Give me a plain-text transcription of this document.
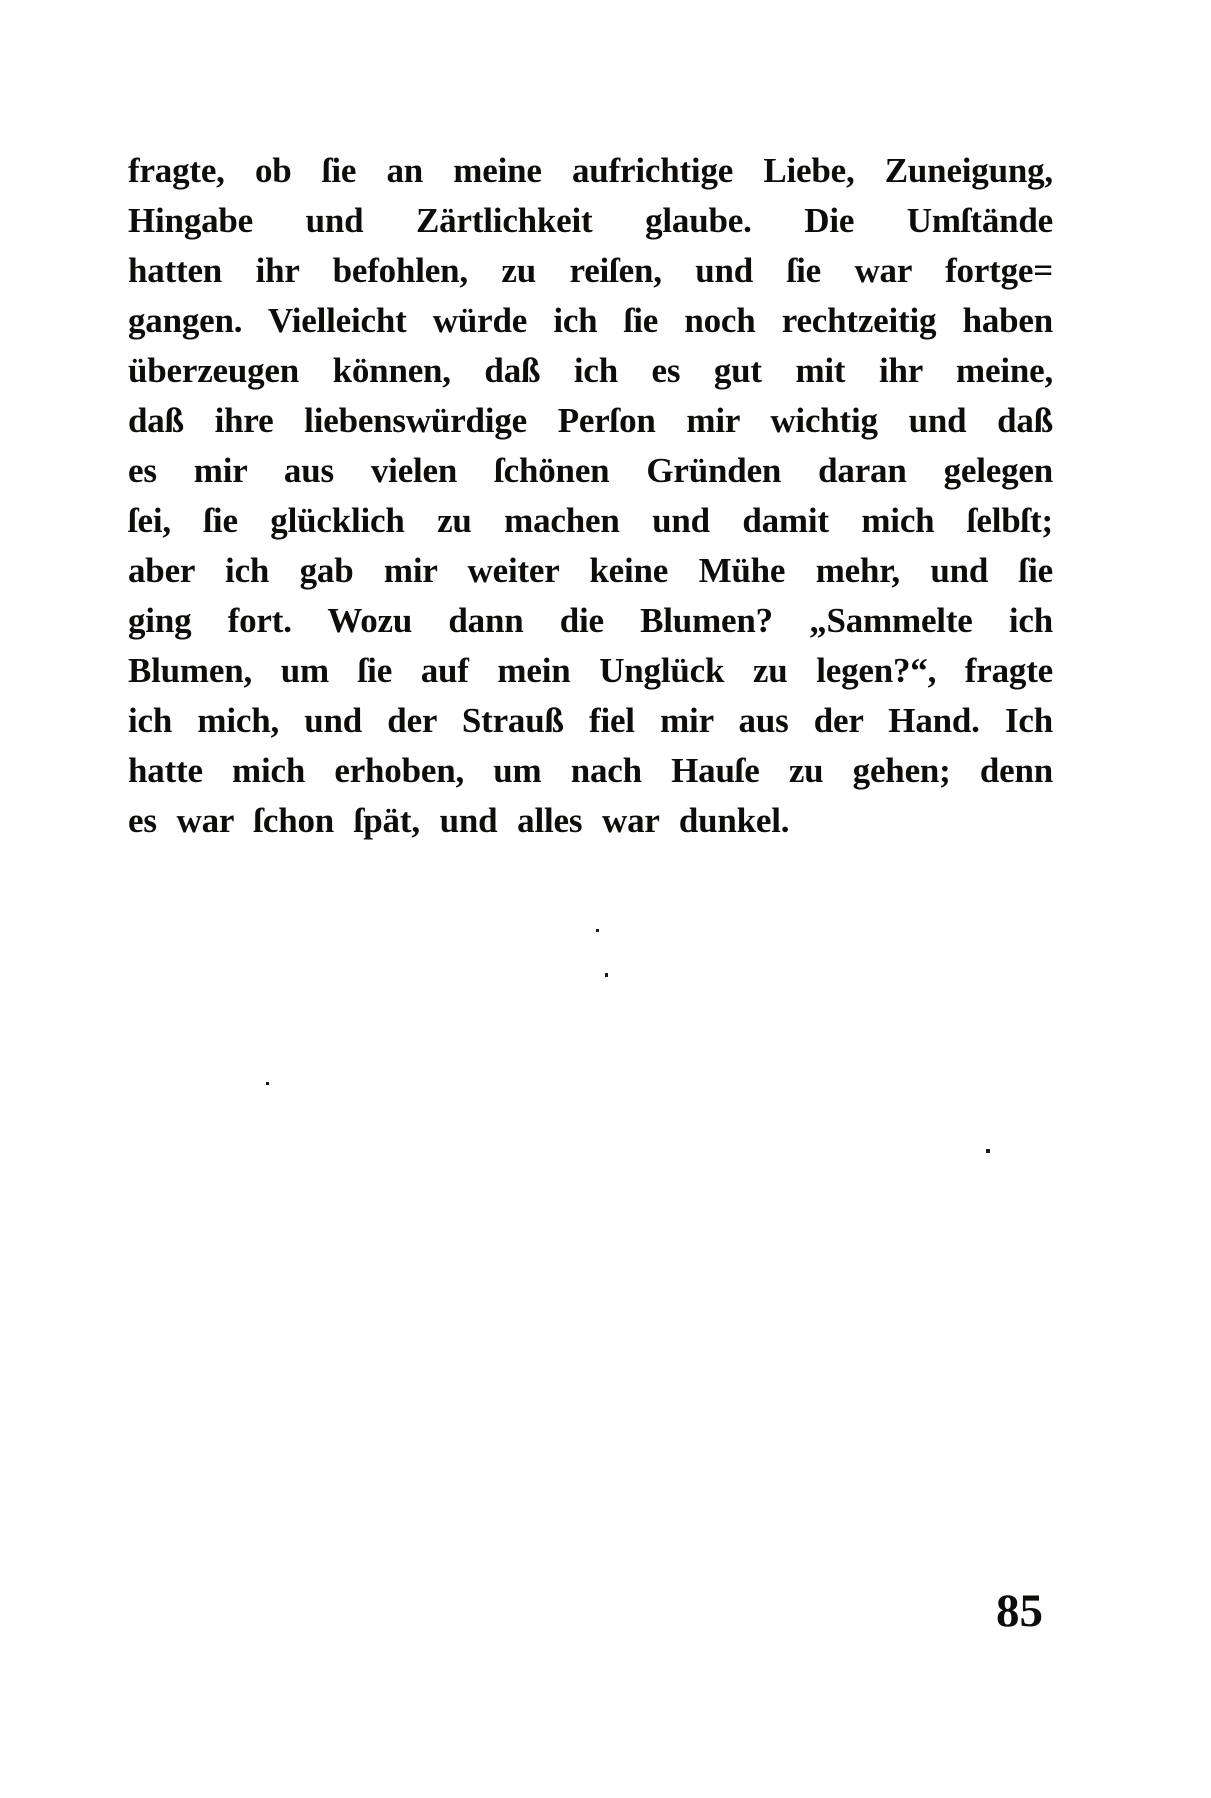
fragte, ob ſie an meine aufrichtige Liebe, Zuneigung,
Hingabe und Zärtlichkeit glaube. Die Umſtände
hatten ihr befohlen, zu reiſen, und ſie war fortge=
gangen. Vielleicht würde ich ſie noch rechtzeitig haben
überzeugen können, daß ich es gut mit ihr meine,
daß ihre liebenswürdige Perſon mir wichtig und daß
es mir aus vielen ſchönen Gründen daran gelegen
ſei, ſie glücklich zu machen und damit mich ſelbſt;
aber ich gab mir weiter keine Mühe mehr, und ſie
ging fort. Wozu dann die Blumen? „Sammelte ich
Blumen, um ſie auf mein Unglück zu legen?“, fragte
ich mich, und der Strauß fiel mir aus der Hand. Ich
hatte mich erhoben, um nach Hauſe zu gehen; denn
es war ſchon ſpät, und alles war dunkel.
85
